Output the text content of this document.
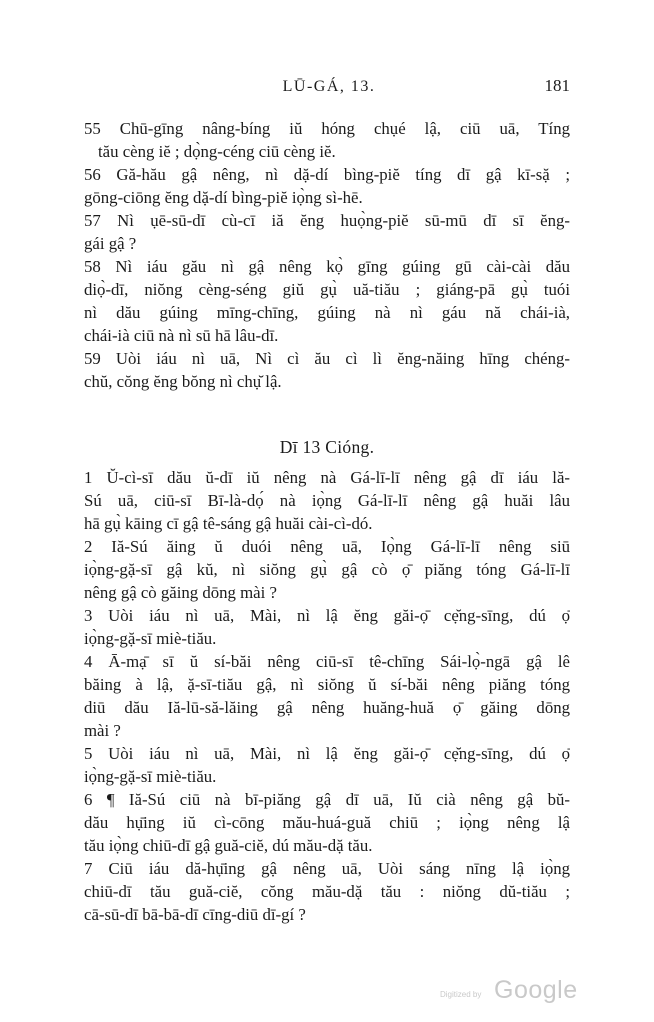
LŪ-GÁ, 13.	181
55 Chū-gīng nâng-bíng iŭ hóng chụé lậ, ciū uā, Tíng
tău cèng iĕ ; dọ̀ng-céng ciū cèng iĕ.
56 Gă-hău gậ nêng, nì dặ-dí bìng-piĕ tíng dī gậ kī-sặ ;
gōng-ciōng ĕng dặ-dí bìng-piĕ iọ̀ng sì-hē.
57 Nì ụē-sū-dī cù-cī iă ĕng huọ̀ng-piĕ sū-mū dī sī ĕng-
gái gậ ?
58 Nì iáu gău nì gậ nêng kọ̀ gīng gúing gū cài-cài dău
diọ̀-dī, niŏng cèng-séng giŭ gụ̀ uă-tiău ; giáng-pā gụ̀ tuói
nì dău gúing mīng-chīng, gúing nà nì gáu nă chái-ià,
chái-ià ciū nà nì sū hā lâu-dī.
59 Uòi iáu nì uā, Nì cì ău cì lì ĕng-năing hīng chéng-
chŭ, cŏng ĕng bŏng nì chụ̆ lậ.
Dī 13 Cióng.
1 Ŭ-cì-sī dău ŭ-dī iŭ nêng nà Gá-lī-lī nêng gậ dī iáu lă-
Sú uā, ciū-sī Bī-là-dọ́ nà iọ̀ng Gá-lī-lī nêng gậ huăi lâu
hā gụ̀ kāing cī gậ tê-sáng gậ huăi cài-cì-dó.
2 Iă-Sú ăing ŭ duói nêng uā, Iọ̀ng Gá-lī-lī nêng siū
iọ̀ng-gặ-sī gậ kŭ, nì siŏng gụ̀ gậ cò ọ̄ piăng tóng Gá-lī-lī
nêng gậ cò găing dōng mài ?
3 Uòi iáu nì uā, Mài, nì lậ ĕng găi-ọ̄ cẹ̆ng-sīng, dú ọ̄
iọ̀ng-gặ-sī miè-tiău.
4 Ā-mạ̄ sī ŭ sí-băi nêng ciū-sī tê-chīng Sái-lọ̀-ngā gậ lê
băing à lậ, ặ-sī-tiău gậ, nì siŏng ŭ sí-băi nêng piăng tóng
diū dău Iă-lū-să-lăing gậ nêng huăng-huă ọ̄ găing dōng
mài ?
5 Uòi iáu nì uā, Mài, nì lậ ĕng găi-ọ̄ cẹ̆ng-sīng, dú ọ̄
iọ̀ng-gặ-sī miè-tiău.
6 ¶ Iă-Sú ciū nà bī-piăng gậ dī uā, Iŭ cià nêng gậ bŭ-
dău hụ̄ing iŭ cì-cōng mău-huá-guă chiū ; iọ̀ng nêng lậ
tău iọ̀ng chiū-dī gậ guă-ciĕ, dú mău-dặ tău.
7 Ciū iáu dă-hụ̄ing gậ nêng uā, Uòi sáng nīng lậ iọ̀ng
chiū-dī tău guă-ciĕ, cŏng mău-dặ tău : niŏng dŭ-tiău ;
cā-sū-dī bā-bā-dī cīng-diū dī-gí ?
Digitized by Google
